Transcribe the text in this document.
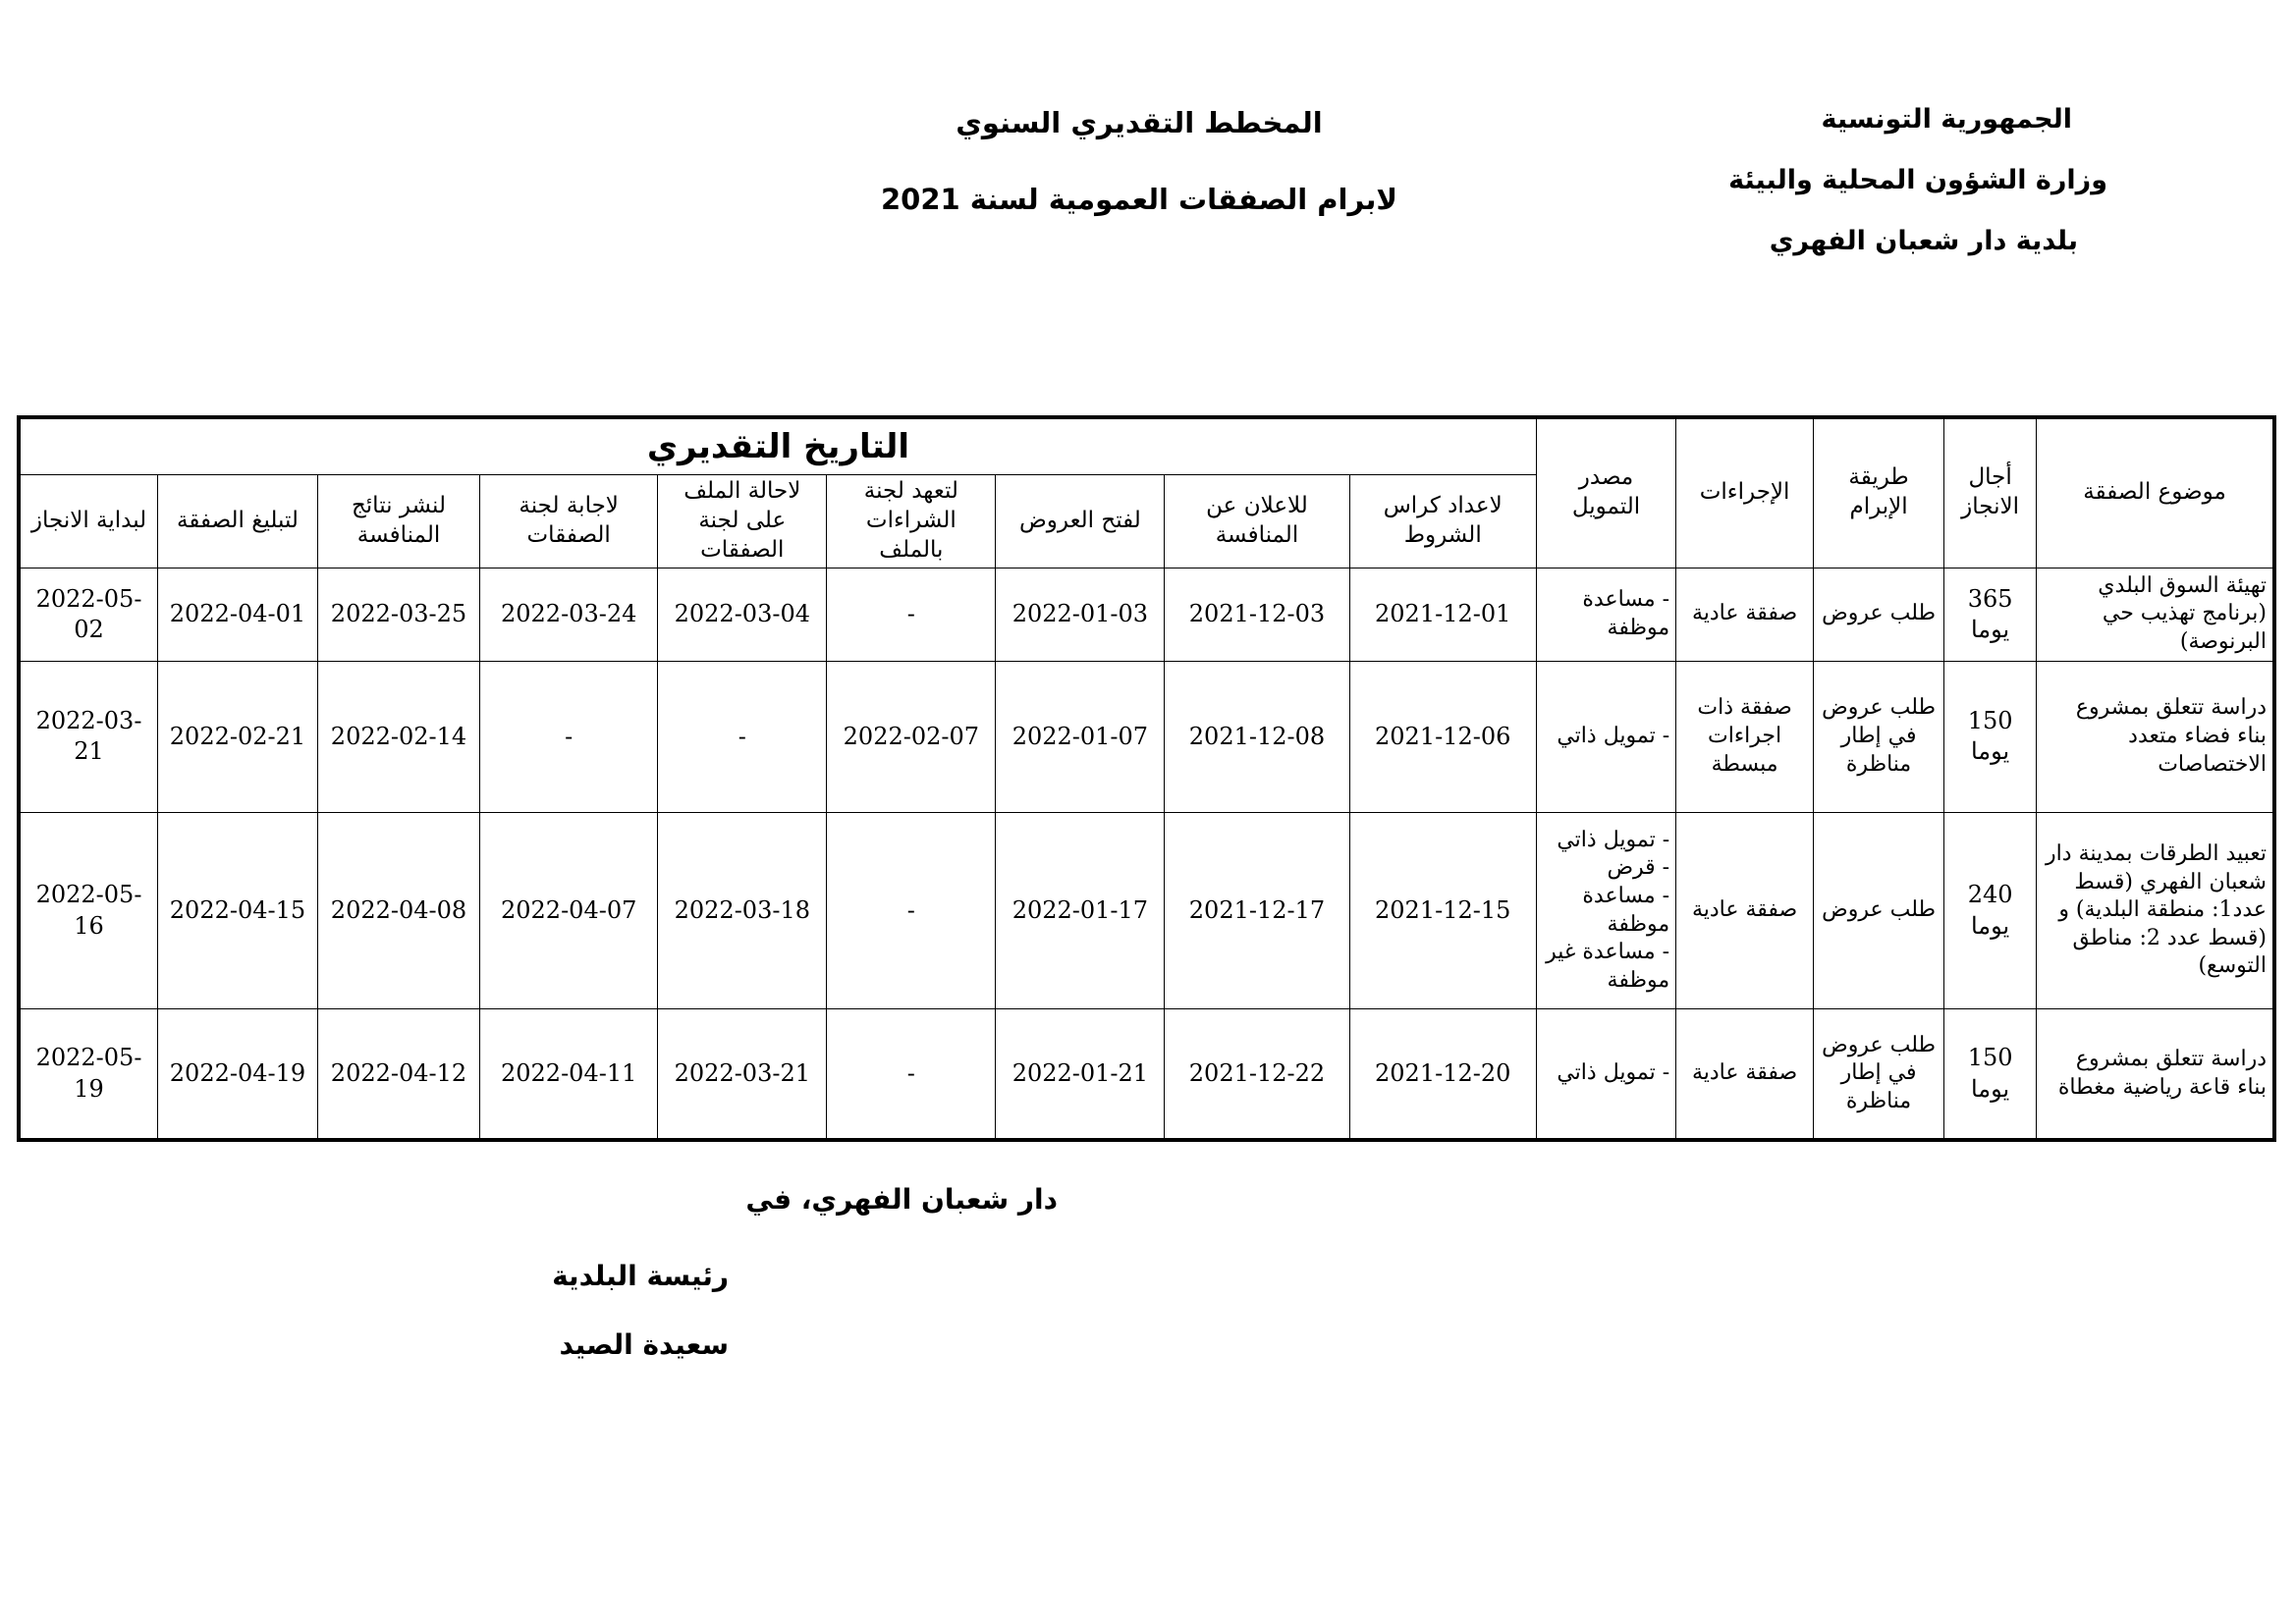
الجمهورية التونسية
وزارة الشؤون المحلية والبيئة
بلدية دار شعبان الفهري
المخطط التقديري السنوي
لابرام الصفقات العمومية لسنة 2021
موضوع الصفقة	أجال الانجاز	طريقة الإبرام	الإجراءات	مصدر التمويل	التاريخ التقديري								
					لاعداد كراس الشروط	للاعلان عن المنافسة	لفتح العروض	لتعهد لجنة الشراءات بالملف	لاحالة الملف على لجنة الصفقات	لاجابة لجنة الصفقات	لنشر نتائج المنافسة	لتبليغ الصفقة	لبداية الانجاز
تهيئة السوق البلدي (برنامج تهذيب حي البرنوصة)	365 يوما	طلب عروض	صفقة عادية	- مساعدة موظفة	2021-12-01	2021-12-03	2022-01-03	-	2022-03-04	2022-03-24	2022-03-25	2022-04-01	2022-05-02
دراسة تتعلق بمشروع بناء فضاء متعدد الاختصاصات	150 يوما	طلب عروض في إطار مناظرة	صفقة ذات اجراءات مبسطة	- تمويل ذاتي	2021-12-06	2021-12-08	2022-01-07	2022-02-07	-	-	2022-02-14	2022-02-21	2022-03-21
تعبيد الطرقات بمدينة دار شعبان الفهري (قسط عدد1: منطقة البلدية) و (قسط عدد 2: مناطق التوسع)	240 يوما	طلب عروض	صفقة عادية	- تمويل ذاتي
- قرض
- مساعدة موظفة
- مساعدة غير موظفة	2021-12-15	2021-12-17	2022-01-17	-	2022-03-18	2022-04-07	2022-04-08	2022-04-15	2022-05-16
دراسة تتعلق بمشروع بناء قاعة رياضية مغطاة	150 يوما	طلب عروض في إطار مناظرة	صفقة عادية	- تمويل ذاتي	2021-12-20	2021-12-22	2022-01-21	-	2022-03-21	2022-04-11	2022-04-12	2022-04-19	2022-05-19
دار شعبان الفهري، في
رئيسة البلدية
سعيدة الصيد
